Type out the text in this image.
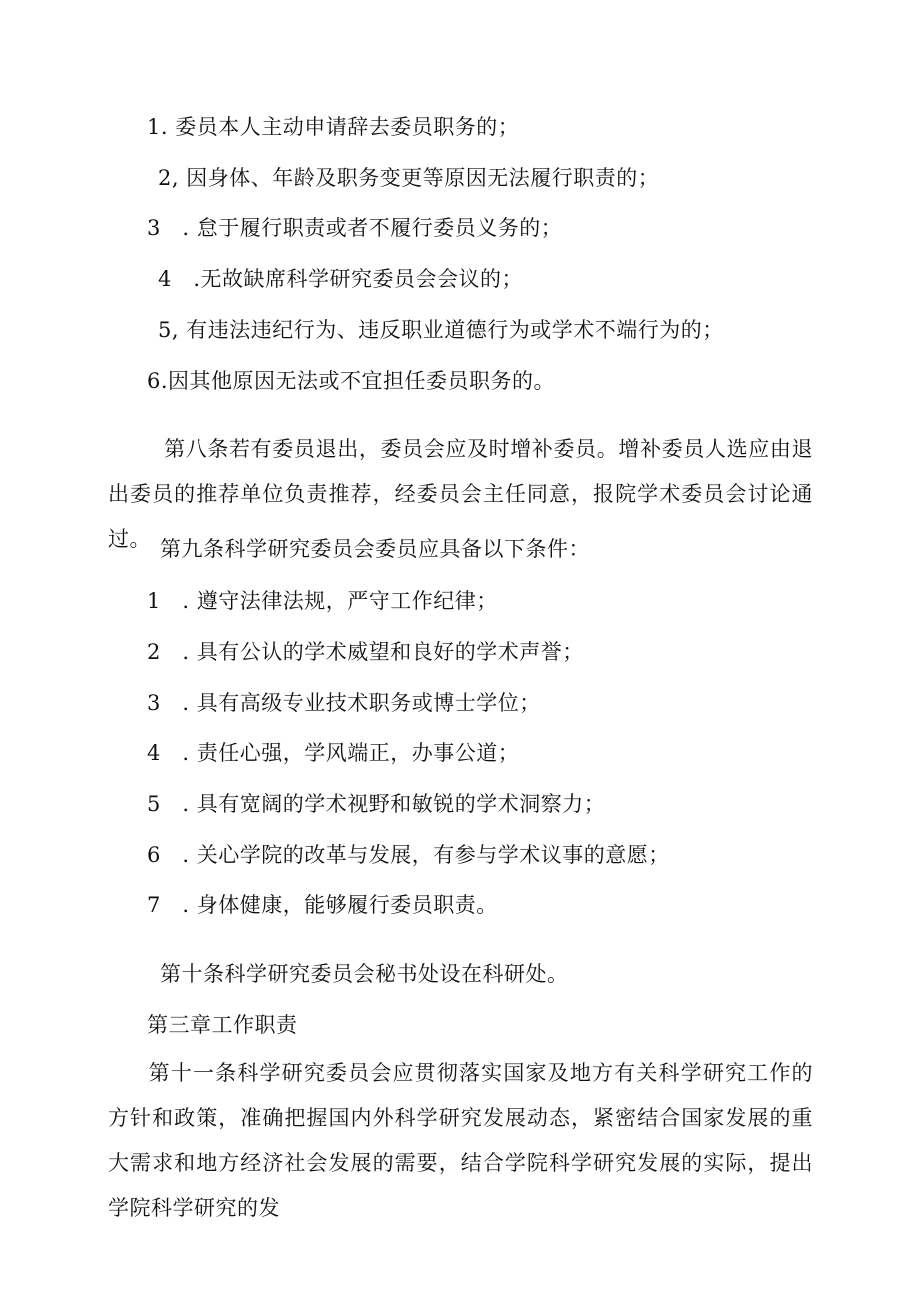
1. 委员本人主动申请辞去委员职务的；
2, 因身体、年龄及职务变更等原因无法履行职责的；
3　. 怠于履行职责或者不履行委员义务的；
4　.无故缺席科学研究委员会会议的；
5, 有违法违纪行为、违反职业道德行为或学术不端行为的；
6.因其他原因无法或不宜担任委员职务的。
第八条若有委员退出，委员会应及时增补委员。增补委员人选应由退出委员的推荐单位负责推荐，经委员会主任同意，报院学术委员会讨论通过。 第九条科学研究委员会委员应具备以下条件：
1　. 遵守法律法规，严守工作纪律；
2　. 具有公认的学术威望和良好的学术声誉；
3　. 具有高级专业技术职务或博士学位；
4　. 责任心强，学风端正，办事公道；
5　. 具有宽阔的学术视野和敏锐的学术洞察力；
6　. 关心学院的改革与发展，有参与学术议事的意愿；
7　. 身体健康，能够履行委员职责。
第十条科学研究委员会秘书处设在科研处。
第三章工作职责
第十一条科学研究委员会应贯彻落实国家及地方有关科学研究工作的方针和政策，准确把握国内外科学研究发展动态，紧密结合国家发展的重大需求和地方经济社会发展的需要，结合学院科学研究发展的实际，提出学院科学研究的发
